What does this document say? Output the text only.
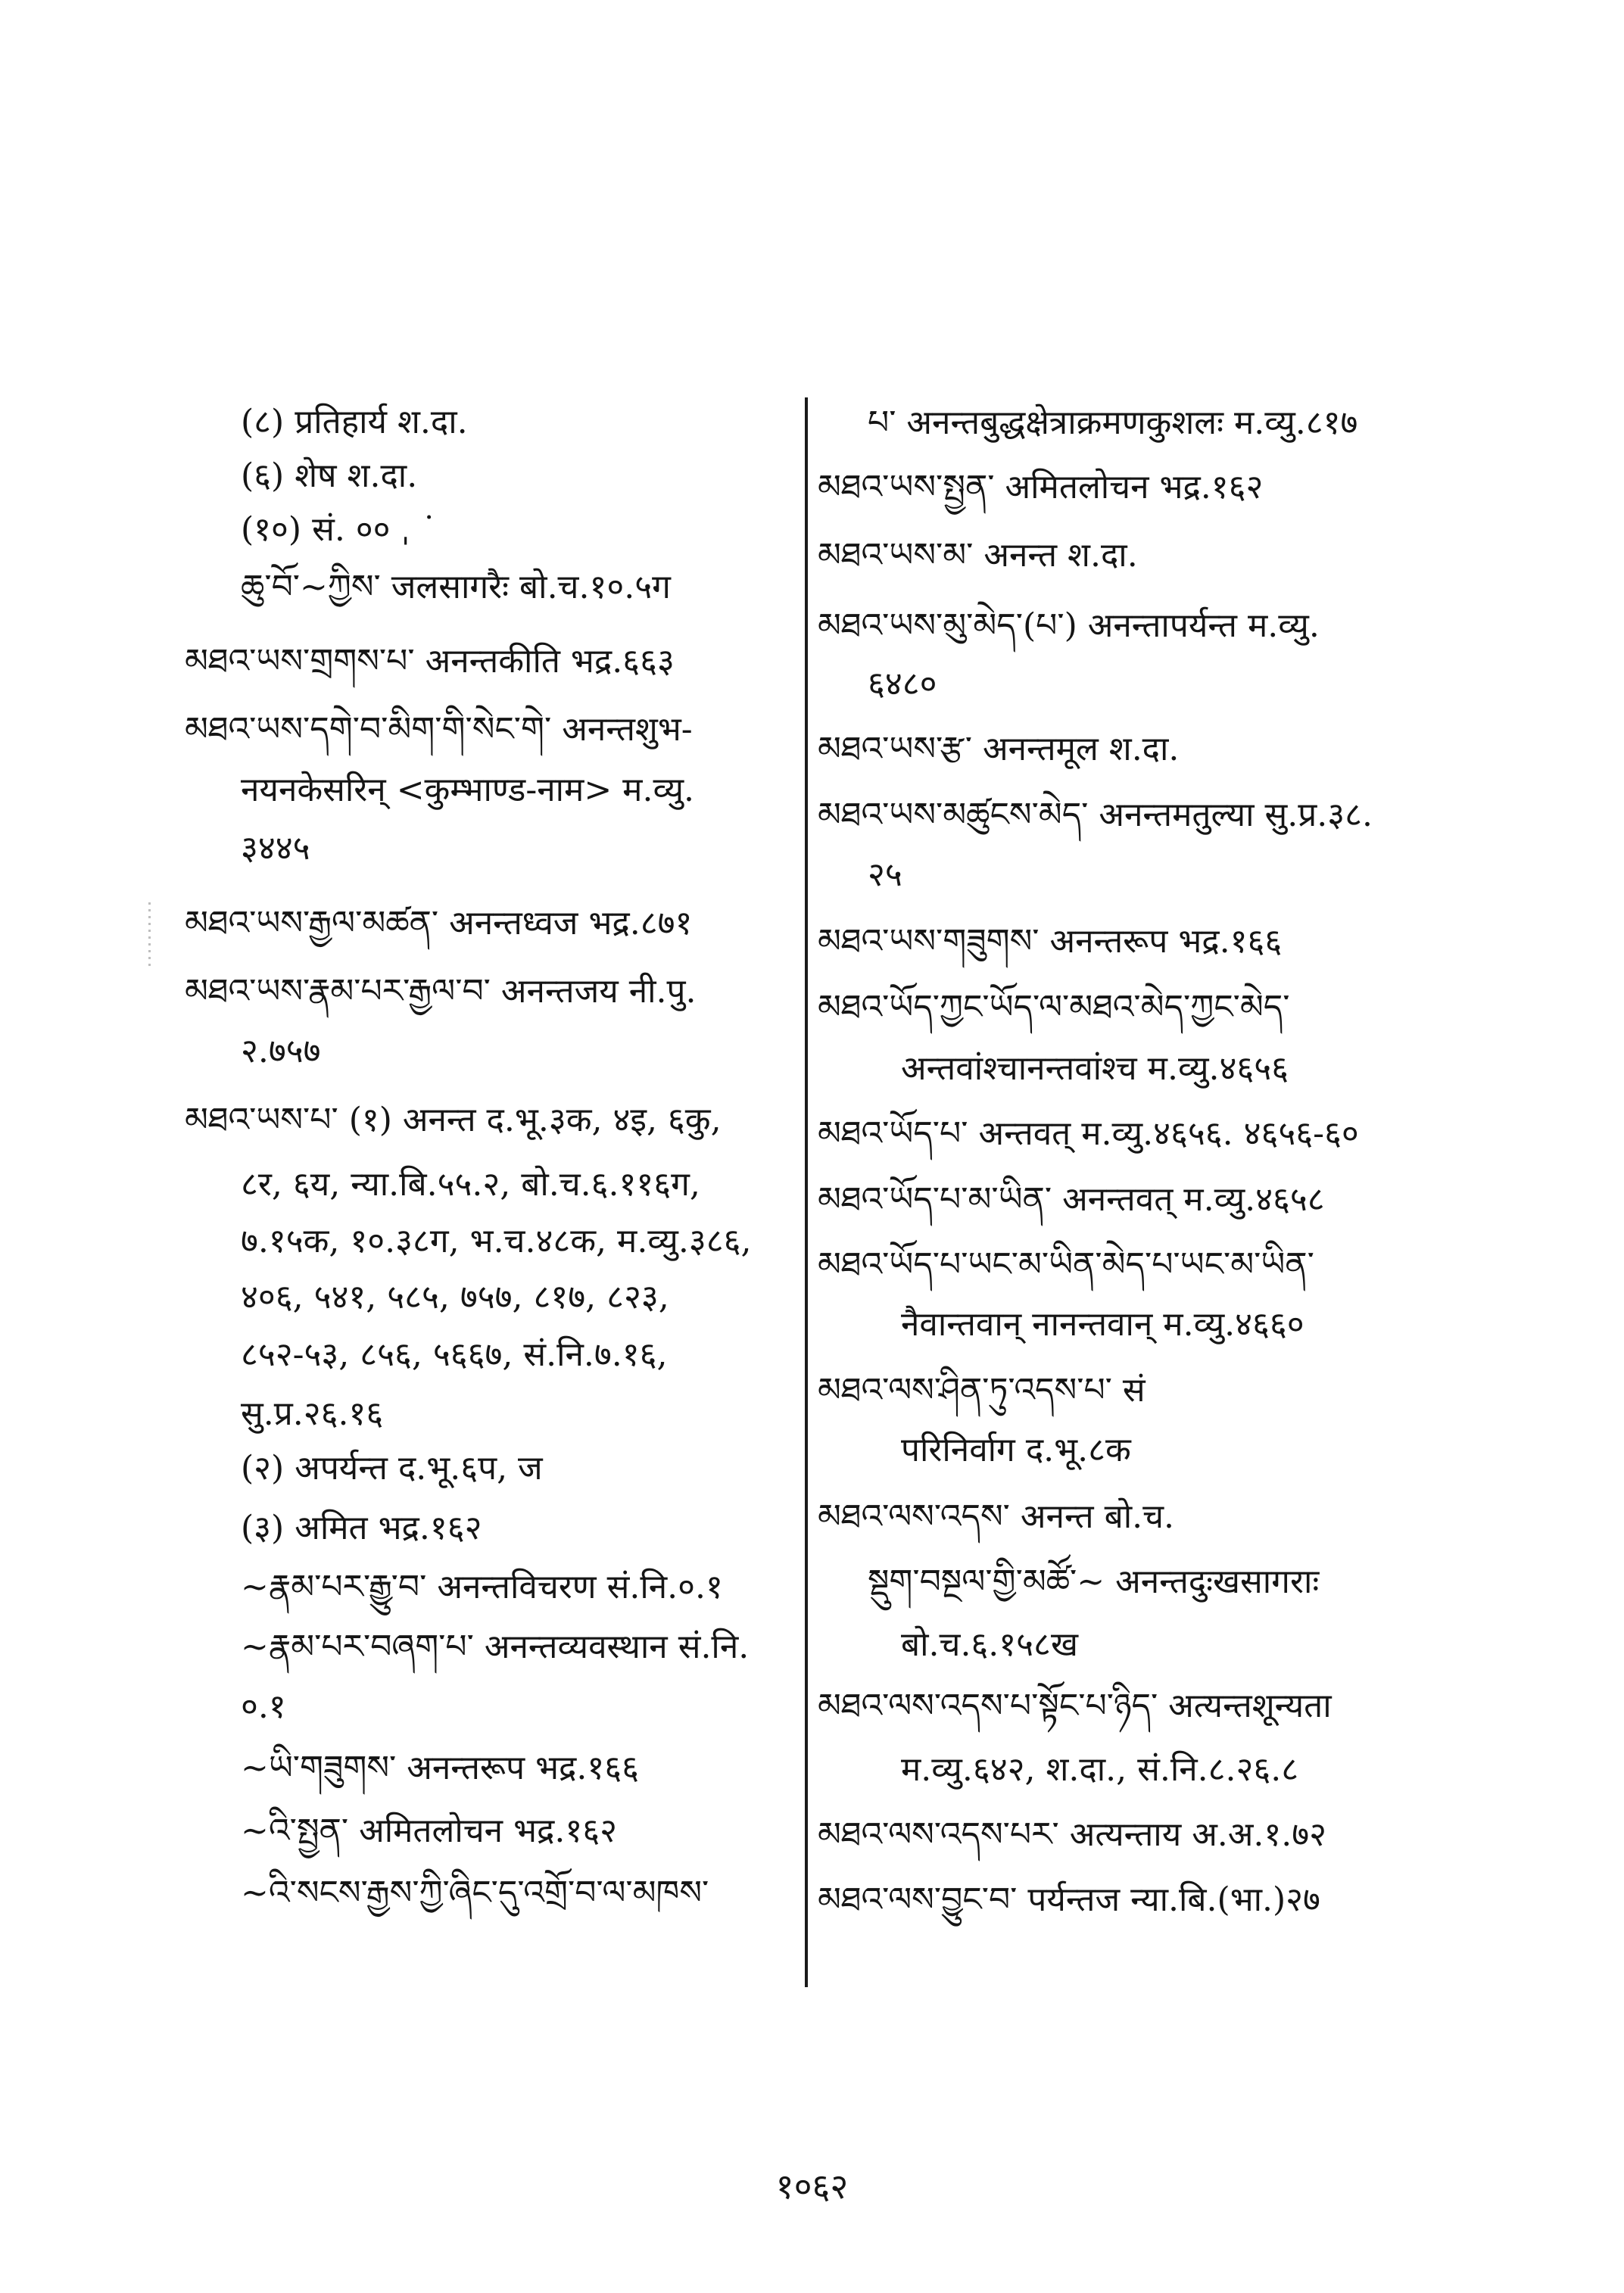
(८) प्रतिहार्य श.दा.
(६) शेष श.दा.
(१०) सं. ०० ˌ ˙
ཆུ་བོ་~ཀྱིས་ जलसागरैः बो.च.१०.५ग
མཐའ་ཡས་གྲགས་པ་ अनन्तकीति भद्र.६६३
མཐའ་ཡས་དགེ་བ་མིག་གི་སེང་གེ་ अनन्तशुभ-
नयनकेसरिन् <कुम्भाण्ड-नाम> म.व्यु.
३४४५
མཐའ་ཡས་རྒྱལ་མཚན་ अनन्तध्वज भद्र.८७१
མཐའ་ཡས་རྣམ་པར་རྒྱལ་བ་ अनन्तजय नी.पु.
२.७५७
མཐའ་ཡས་པ་ (१) अनन्त द.भू.३क, ४इ, ६कु,
८र, ६य, न्या.बि.५५.२, बो.च.६.११६ग,
७.१५क, १०.३८ग, भ.च.४८क, म.व्यु.३८६,
४०६, ५४१, ५८५, ७५७, ८१७, ८२३,
८५२-५३, ८५६, ५६६७, सं.नि.७.१६,
सु.प्र.२६.१६
(२) अपर्यन्त द.भू.६प, ज
(३) अमित भद्र.१६२
~རྣམ་པར་རྒྱུ་བ་ अनन्तविचरण सं.नि.०.१
~རྣམ་པར་བཞག་པ་ अनन्तव्यवस्थान सं.नि.
०.१
~ཡི་གཟུགས་ अनन्तरूप भद्र.१६६
~འི་སྤྱན་ अमितलोचन भद्र.१६२
~འི་སངས་རྒྱས་ཀྱི་ཞིང་དུ་འགྲོ་བ་ལ་མཁས་
པ་ अनन्तबुद्धक्षेत्राक्रमणकुशलः म.व्यु.८१७
མཐའ་ཡས་སྤྱན་ अमितलोचन भद्र.१६२
མཐའ་ཡས་མ་ अनन्त श.दा.
མཐའ་ཡས་མུ་མེད་(པ་) अनन्तापर्यन्त म.व्यु.
६४८०
མཐའ་ཡས་རྩ་ अनन्तमूल श.दा.
མཐའ་ཡས་མཚུངས་མེད་ अनन्तमतुल्या सु.प्र.३८.
२५
མཐའ་ཡས་གཟུགས་ अनन्तरूप भद्र.१६६
མཐའ་ཡོད་ཀྱང་ཡོད་ལ་མཐའ་མེད་ཀྱང་མེད་
अन्तवांश्चानन्तवांश्च म.व्यु.४६५६
མཐའ་ཡོད་པ་ अन्तवत् म.व्यु.४६५६. ४६५६-६०
མཐའ་ཡོད་པ་མ་ཡིན་ अनन्तवत् म.व्यु.४६५८
མཐའ་ཡོད་པ་ཡང་མ་ཡིན་མེད་པ་ཡང་མ་ཡིན་
नैवान्तवान् नानन्तवान् म.व्यु.४६६०
མཐའ་ལས་ཤིན་ཏུ་འདས་པ་ सं
परिनिर्वाग द.भू.८क
མཐའ་ལས་འདས་ अनन्त बो.च.
སྡུག་བསྔལ་གྱི་མཚོ་~ अनन्तदुःखसागराः
बो.च.६.१५८ख
མཐའ་ལས་འདས་པ་སྟོང་པ་ཉིད་ अत्यन्तशून्यता
म.व्यु.६४२, श.दा., सं.नि.८.२६.८
མཐའ་ལས་འདས་པར་ अत्यन्ताय अ.अ.१.७२
མཐའ་ལས་བྱུང་བ་ पर्यन्तज न्या.बि.(भा.)२७
१०६२
